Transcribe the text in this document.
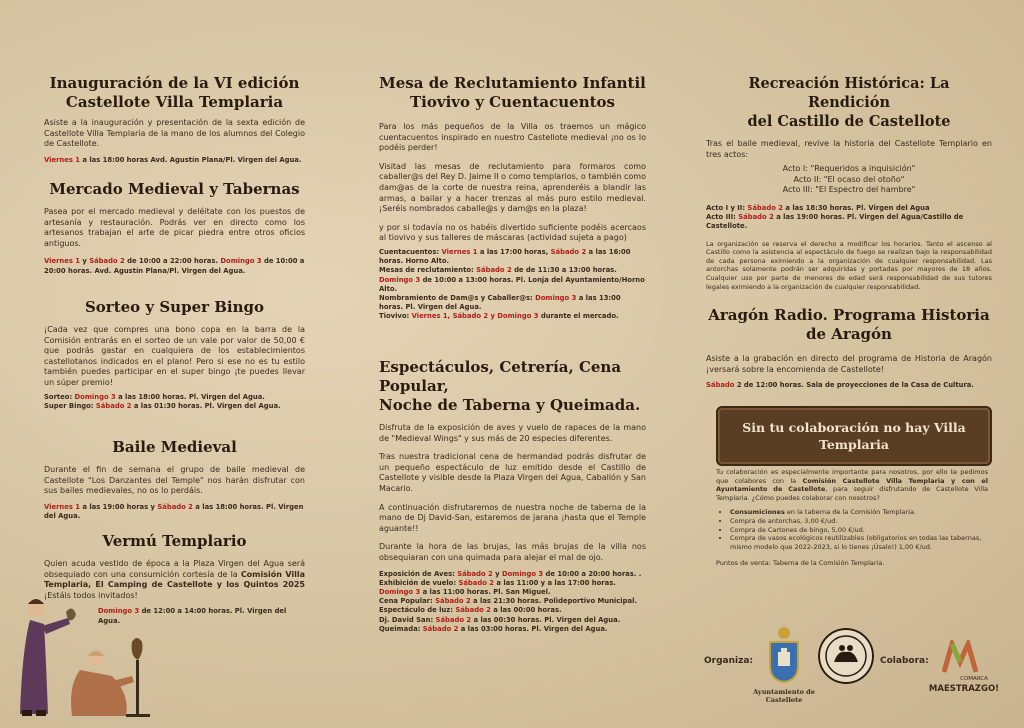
Inauguración de la VI edición
Castellote Villa Templaria

Asiste a la inauguración y presentación de la sexta edición de Castellote Villa Templaria de la mano de los alumnos del Colegio de Castellote.

Viernes 1 a las 18:00 horas Avd. Agustín Plana/Pl. Virgen del Agua.

Mercado Medieval y Tabernas

Pasea por el mercado medieval y deléitate con los puestos de artesanía y restauración. Podrás ver en directo como los artesanos trabajan el arte de picar piedra entre otros oficios antiguos.

Viernes 1 y Sábado 2 de 10:00 a 22:00 horas. Domingo 3 de 10:00 a 20:00 horas. Avd. Agustín Plana/Pl. Virgen del Agua.

Sorteo y Super Bingo

¡Cada vez que compres una bono copa en la barra de la Comisión entrarás en el sorteo de un vale por valor de 50,00 € que podrás gastar en cualquiera de los establecimientos castellotanos indicados en el plano! Pero si ese no es tu estilo también puedes participar en el super bingo ¡te puedes llevar un súper premio!

Sorteo: Domingo 3 a las 18:00 horas. Pl. Virgen del Agua.

Super Bingo: Sábado 2 a las 01:30 horas. Pl. Virgen del Agua.

Baile Medieval

Durante el fin de semana el grupo de baile medieval de Castellote "Los Danzantes del Temple" nos harán disfrutar con sus bailes medievales, no os lo perdáis.

Viernes 1 a las 19:00 horas y Sábado 2 a las 18:00 horas. Pl. Virgen del Agua.

Vermú Templario

Quien acuda vestido de época a la Plaza Virgen del Agua será obsequiado con una consumición cortesía de la Comisión Villa Templaria, El Camping de Castellote y los Quintos 2025 ¡Estáis todos invitados!

Domingo 3 de 12:00 a 14:00 horas. Pl. Virgen del Agua.

Mesa de Reclutamiento Infantil
Tiovivo y Cuentacuentos

Para los más pequeños de la Villa os traemos un mágico cuentacuentos inspirado en nuestro Castellote medieval ¡no os lo podéis perder!

Visitad las mesas de reclutamiento para formaros como caballer@s del Rey D. Jaime II o como templarios, o también como dam@as de la corte de nuestra reina, aprenderéis a blandir las armas, a bailar y a hacer trenzas al más puro estilo medieval. ¡Seréis nombrados caballe@s y dam@s en la plaza!

y por si todavía no os habéis divertido suficiente podéis acercaos al tiovivo y sus talleres de máscaras (actividad sujeta a pago)

Cuentacuentos: Viernes 1 a las 17:00 horas, Sábado 2 a las 16:00 horas. Horno Alto.

Mesas de reclutamiento: Sábado 2 de de 11:30 a 13:00 horas. Domingo 3 de 10:00 a 13:00 horas. Pl. Lonja del Ayuntamiento/Horno Alto.

Nombramiento de Dam@s y Caballer@s: Domingo 3 a las 13:00 horas. Pl. Virgen del Agua.

Tiovivo: Viernes 1, Sábado 2 y Domingo 3 durante el mercado.

Espectáculos, Cetrería, Cena Popular,
Noche de Taberna y Queimada.

Disfruta de la exposición de aves y vuelo de rapaces de la mano de "Medieval Wings" y sus más de 20 especies diferentes.

Tras nuestra tradicional cena de hermandad podrás disfrutar de un pequeño espectáculo de luz emitido desde el Castillo de Castellote y visible desde la Plaza Virgen del Agua, Caballón y San Macario.

A continuación disfrutaremos de nuestra noche de taberna de la mano de Dj David-San, estaremos de jarana ¡hasta que el Temple aguante!!

Durante la hora de las brujas, las más brujas de la villa nos obsequiaran con una quimada para alejar el mal de ojo.

Exposición de Aves: Sábado 2 y Domingo 3 de 10:00 a 20:00 horas. .

Exhibición de vuelo: Sábado 2 a las 11:00 y a las 17:00 horas. Domingo 3 a las 11:00 horas. Pl. San Miguel.

Cena Popular: Sábado 2 a las 21:30 horas. Polideportivo Municipal.

Espectáculo de luz: Sábado 2 a las 00:00 horas.

Dj. David San: Sábado 2 a las 00:30 horas. Pl. Virgen del Agua.

Queimada: Sábado 2 a las 03:00 horas. Pl. Virgen del Agua.

Recreación Histórica: La Rendición
del Castillo de Castellote

Tras el baile medieval, revive la historia del Castellote Templario en tres actos:

Acto I: "Requeridos a inquisición"

Acto II: "El ocaso del otoño"

Acto III: "El Espectro del hambre"

Acto I y II: Sábado 2 a las 18:30 horas. Pl. Virgen del Agua

Acto III: Sábado 2 a las 19:00 horas. Pl. Virgen del Agua/Castillo de Castellote.

La organización se reserva el derecho a modificar los horarios. Tanto el ascenso al Castillo como la asistencia al espectáculo de fuego se realizan bajo la responsabilidad de cada persona eximiendo a la organización de cualquier responsabilidad. Las antorchas solamente podrán ser adquiridas y portadas por mayores de 18 años. Cualquier uso por parte de menores de edad será responsabilidad de sus tutores legales eximiendo a la organización de cualquier responsabilidad.

Aragón Radio. Programa Historia
de Aragón

Asiste a la grabación en directo del programa de Historia de Aragón ¡versará sobre la encomienda de Castellote!

Sábado 2 de 12:00 horas. Sala de proyecciones de la Casa de Cultura.

Sin tu colaboración no hay Villa
Templaria

Tu colaboración es especialmente importante para nosotros, por ello te pedimos que colabores con la Comisión Castellote Villa Templaria y con el Ayuntamiento de Castellote, para seguir disfrutando de Castellote Villa Templaria. ¿Cómo puedes colaborar con nosotros?

• Consumiciones en la taberna de la Comisión Templaria.
• Compra de antorchas, 3,00 €/ud.
• Compra de Cartones de bingo, 5,00 €/ud.
• Compra de vasos ecológicos reutilizables (obligatorios en todas las tabernas, mismo modelo que 2022-2023, si lo tienes ¡Úsalo!) 1,00 €/ud.

Puntos de venta: Taberna de la Comisión Templaria.

Organiza:
Ayuntamiento de
Castellote
Colabora:
COMARCA
MAESTRAZGO!
